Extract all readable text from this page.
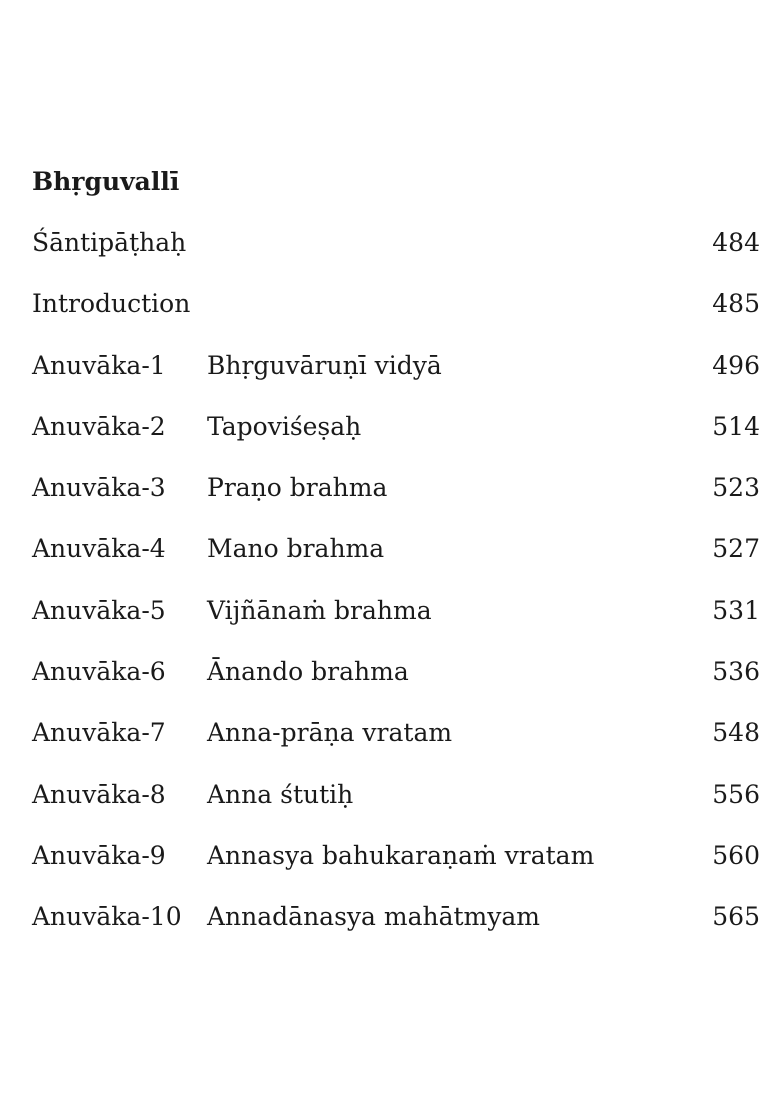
Bhṛguvallī
Śāntipāṭhaḥ	484
Introduction	485
Anuvāka-1 Bhṛguvāruṇī vidyā	496
Anuvāka-2 Tapoviśeṣaḥ	514
Anuvāka-3 Praṇo brahma	523
Anuvāka-4 Mano brahma	527
Anuvāka-5 Vijñānaṁ brahma	531
Anuvāka-6 Ānando brahma	536
Anuvāka-7 Anna-prāṇa vratam	548
Anuvāka-8 Anna śtutiḥ	556
Anuvāka-9 Annasya bahukaraṇaṁ vratam	560
Anuvāka-10 Annadānasya mahātmyam	565
